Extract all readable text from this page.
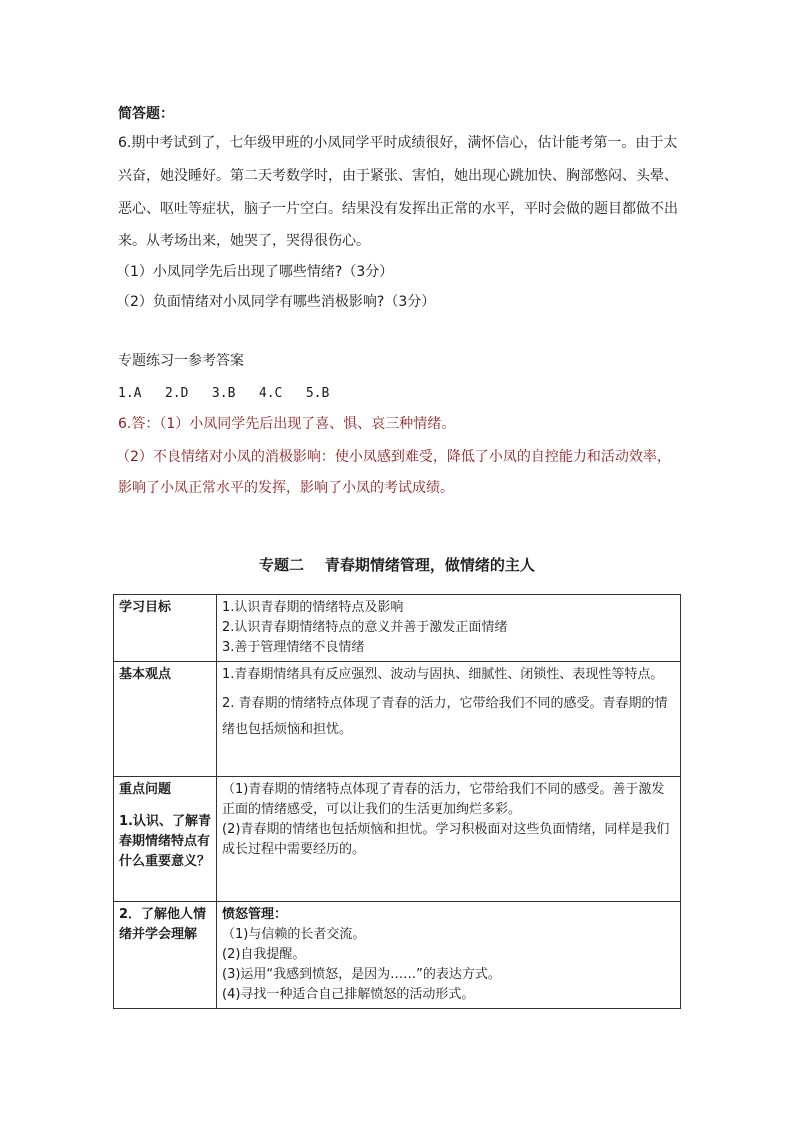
简答题：
6.期中考试到了，七年级甲班的小凤同学平时成绩很好，满怀信心，估计能考第一。由于太
兴奋，她没睡好。第二天考数学时，由于紧张、害怕，她出现心跳加快、胸部憋闷、头晕、
恶心、呕吐等症状，脑子一片空白。结果没有发挥出正常的水平，平时会做的题目都做不出
来。从考场出来，她哭了，哭得很伤心。
（1）小凤同学先后出现了哪些情绪?（3分）
（2）负面情绪对小凤同学有哪些消极影响?（3分）
专题练习一参考答案
1.A   2.D   3.B   4.C   5.B
6.答：（1）小凤同学先后出现了喜、惧、哀三种情绪。
（2）不良情绪对小凤的消极影响：使小凤感到难受，降低了小凤的自控能力和活动效率，
影响了小凤正常水平的发挥，影响了小凤的考试成绩。
专题二    青春期情绪管理，做情绪的主人
学习目标	1.认识青春期的情绪特点及影响
2.认识青春期情绪特点的意义并善于激发正面情绪
3.善于管理情绪不良情绪

基本观点	1.青春期情绪具有反应强烈、波动与固执、细腻性、闭锁性、表现性等特点。
2. 青春期的情绪特点体现了青春的活力，它带给我们不同的感受。青春期的情绪也包括烦恼和担忧。

重点问题
1.认识、了解青春期情绪特点有什么重要意义？	（1)青春期的情绪特点体现了青春的活力，它带给我们不同的感受。善于激发正面的情绪感受，可以让我们的生活更加绚烂多彩。
(2)青春期的情绪也包括烦恼和担忧。学习积极面对这些负面情绪，同样是我们成长过程中需要经历的。

2．了解他人情绪并学会理解	愤怒管理：
（1)与信赖的长者交流。
(2)自我提醒。
(3)运用“我感到愤怒，是因为……”的表达方式。
(4)寻找一种适合自己排解愤怒的活动形式。
